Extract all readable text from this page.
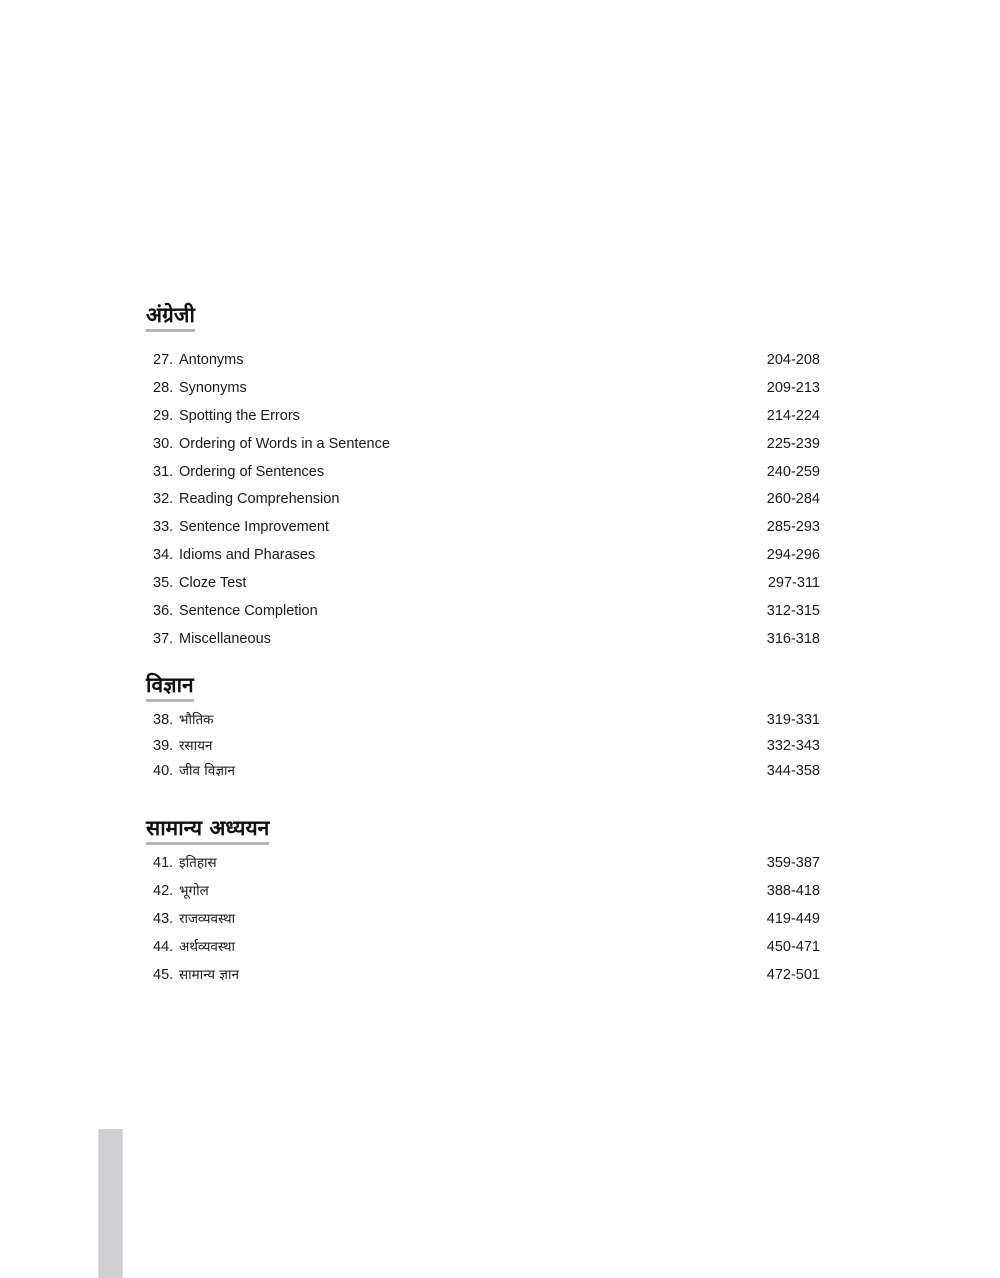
अंग्रेजी
27. Antonyms	204-208
28. Synonyms	209-213
29. Spotting the Errors	214-224
30. Ordering of Words in a Sentence	225-239
31. Ordering of Sentences	240-259
32. Reading Comprehension	260-284
33. Sentence Improvement	285-293
34. Idioms and Pharases	294-296
35. Cloze Test	297-311
36. Sentence Completion	312-315
37. Miscellaneous	316-318
विज्ञान
38. भौतिक	319-331
39. रसायन	332-343
40. जीव विज्ञान	344-358
सामान्य अध्ययन
41. इतिहास	359-387
42. भूगोल	388-418
43. राजव्यवस्था	419-449
44. अर्थव्यवस्था	450-471
45. सामान्य ज्ञान	472-501
